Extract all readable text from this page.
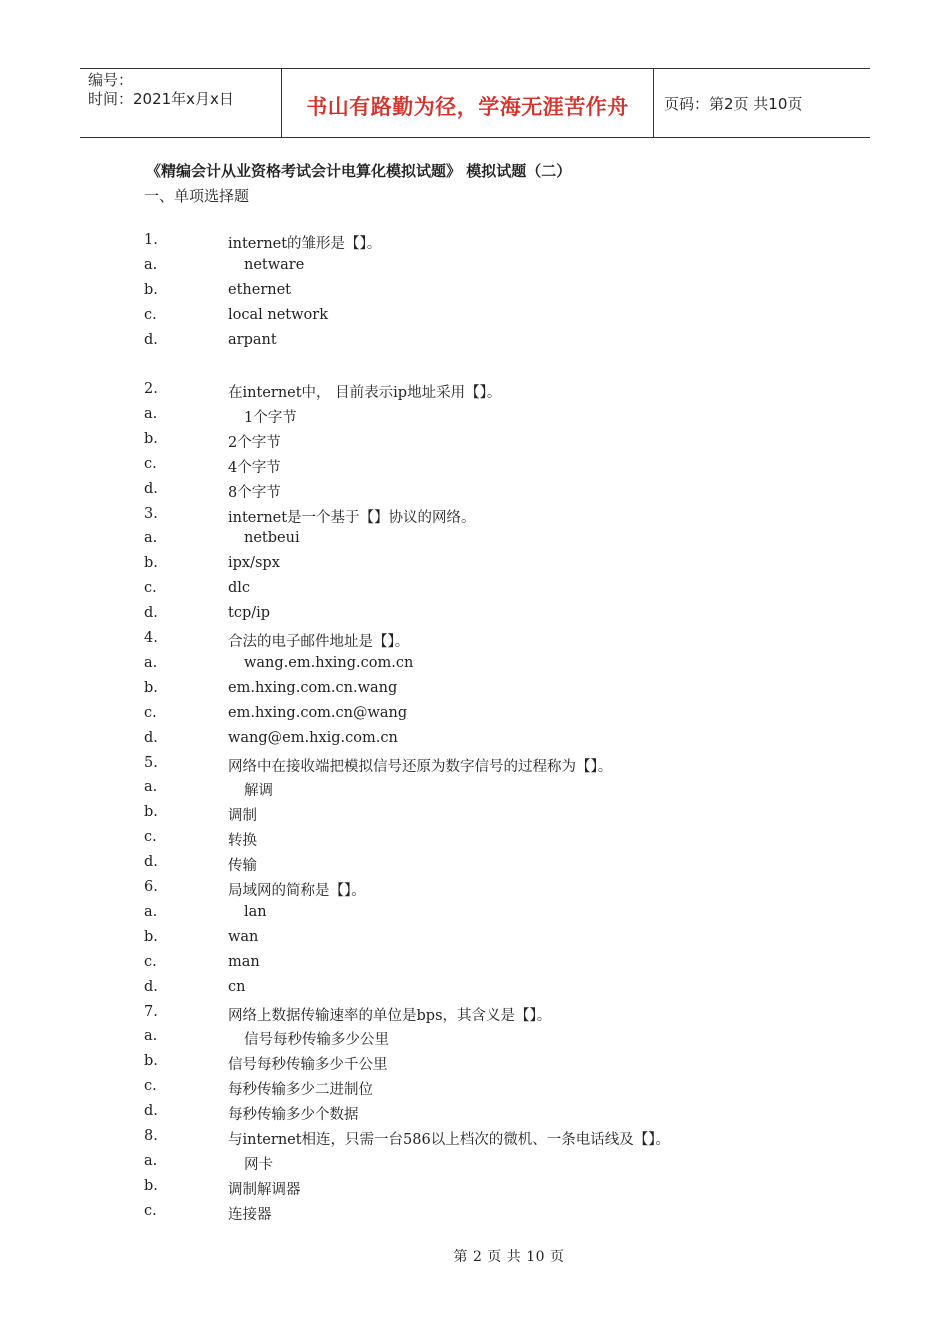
编号：
时间：2021年x月x日	书山有路勤为径，学海无涯苦作舟 页码：第2页 共10页
《精编会计从业资格考试会计电算化模拟试题》 模拟试题（二）
一、单项选择题
1.	internet的雏形是【】。
a.	netware
b.	ethernet
c.	local network
d.	arpant
2.	在internet中， 目前表示ip地址采用【】。
a.	1个字节
b.	2个字节
c.	4个字节
d.	8个字节
3.	internet是一个基于【】协议的网络。
a.	netbeui
b.	ipx/spx
c.	dlc
d.	tcp/ip
4.	合法的电子邮件地址是【】。
a.	wang.em.hxing.com.cn
b.	em.hxing.com.cn.wang
c.	em.hxing.com.cn@wang
d.	wang@em.hxig.com.cn
5.	网络中在接收端把模拟信号还原为数字信号的过程称为【】。
a.	解调
b.	调制
c.	转换
d.	传输
6.	局域网的简称是【】。
a.	lan
b.	wan
c.	man
d.	cn
7.	网络上数据传输速率的单位是bps，其含义是【】。
a.	信号每秒传输多少公里
b.	信号每秒传输多少千公里
c.	每秒传输多少二进制位
d.	每秒传输多少个数据
8.	与internet相连，只需一台586以上档次的微机、一条电话线及【】。
a.	网卡
b.	调制解调器
c.	连接器
第 2 页 共 10 页
